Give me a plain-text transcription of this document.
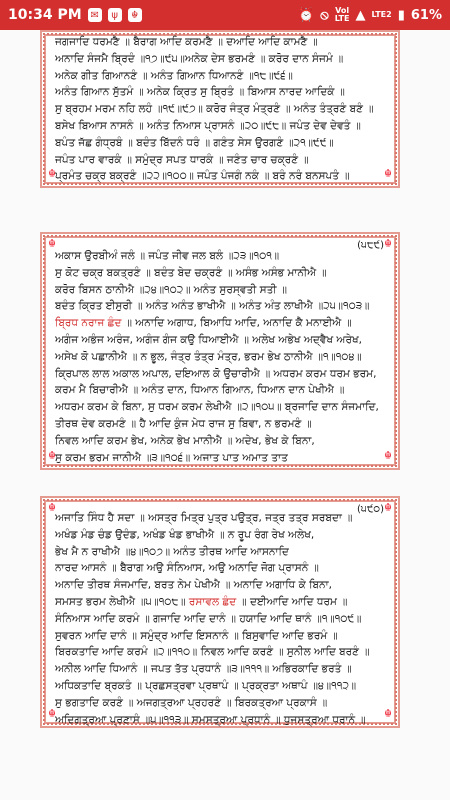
10:34 PM ✉	ψ	☬	⏰ ⦸ Vol
LTE ▲ LTE2 ▮ 61%
ਜਗਜਾਦਿ ਧਰਮਣੈ ॥ ਬੈਰਾਗ ਆਦਿ ਕਰਮਣੈ ॥ ਦਆਦਿ ਆਦਿ ਕਾਮਣੈ ॥
ਅਨਾਦਿ ਸੰਜਮੈ ਬ੍ਰਿਦੰ ॥੧੭॥੯੫॥ਅਨੇਕ ਦੇਸ ਭਰਮਣੰ ॥ ਕਰੋਰ ਦਾਨ ਸੰਜਮੰ ॥
ਅਨੇਕ ਗੀਤ ਗਿਆਨਣੰ ॥ ਅਨੰਤ ਗਿਆਨ ਧਿਆਨਣੰ ॥੧੮॥੯੬॥
ਅਨੰਤ ਗਿਆਨ ਸੁੱਤਮੰ ॥ ਅਨੇਕ ਕ੍ਰਿਤ ਸੁ ਬ੍ਰਿਤੰ ॥ ਬਿਆਸ ਨਾਰਦ ਆਦਿਕੰ ॥
ਸੁ ਬ੍ਰਹਮ ਮਰਮ ਨਹਿ ਲਹੰ ॥੧੯॥੯੭॥ ਕਰੋਰ ਜੰਤ੍ਰ ਮੰਤ੍ਰਣੰ ॥ ਅਨੰਤ ਤੰਤ੍ਰਣੰ ਬਣੰ ॥
ਬਸੇਖ ਬਿਆਸ ਨਾਸਨੰ ॥ ਅਨੰਤ ਨਿਆਸ ਪ੍ਰਾਸਨੰ ॥੨੦॥੯੮॥ ਜਪੰਤ ਦੇਵ ਦੇਵਤੰ ॥
ਬਪੰਤ ਜੱਛ ਗੰਧ੍ਰਬੰ ॥ ਬਦੰਤ ਬਿੱਦਨੰ ਧਰੰ ॥ ਗਣੰਤ ਸੇਸ ਉਰਗਣੰ ॥੨੧॥੯੯॥
ਜਪੰਤ ਪਾਰ ਵਾਰਕੰ ॥ ਸਮੁੰਦ੍ਰ ਸਪਤ ਧਾਰਕੰ ॥ ਜਣੰਤ ਚਾਰ ਚਕ੍ਰਣੰ ॥
ਪ੍ਰਮੰਤ ਚਕ੍ਰ ਬਕ੍ਰਣੰ ॥੨੨॥੧੦੦॥ ਜਪੰਤ ਪੰਜਗੰ ਨਕੰ ॥ ਬਰੰ ਨਰੰ ਬਨਸਪਤੰ ॥
☬	☬
☬	☬
(੫੮੯)
ਅਕਾਸ ਉਰਬੀਅੰ ਜਲੰ ॥ ਜਪੰਤ ਜੀਵ ਜਲ ਬਲੰ ॥੨੩॥੧੦੧॥
ਸੁ ਕੋਟ ਚਕ੍ਰ ਬਕਤ੍ਰਣੰ ॥ ਬਦੰਤ ਬੇਦ ਚਕ੍ਰਣੰ ॥ ਅਸੰਭ ਅਸੰਭ ਮਾਨੀਐ ॥
ਕਰੋਰ ਬਿਸਨ ਠਾਨੀਐ ॥੨੪॥੧੦੨॥ ਅਨੰਤ ਸੁਰਸ੍ਵਤੀ ਸਤੀ ॥
ਬਦੰਤ ਕ੍ਰਿਤ ਈਸੁਰੀ ॥ ਅਨੰਤ ਅਨੰਤ ਭਾਖੀਐ ॥ ਅਨੰਤ ਅੰਤ ਲਾਖੀਐ ॥੨੫॥੧੦੩॥
ਬ੍ਰਿਧ ਨਰਾਜ ਛੰਦ ॥ ਅਨਾਦਿ ਅਗਾਧ, ਬਿਆਧਿ ਆਦਿ, ਅਨਾਦਿ ਕੈ ਮਨਾਈਐ ॥
ਅਗੰਜ ਅਭੰਜ ਅਰੰਜ, ਅਗੰਜ ਗੰਜ ਕਉ ਧਿਆਈਐ ॥ ਅਲੇਖ ਅਭੇਖ ਅਦ੍ਵੈਖ ਅਰੇਖ,
ਅਸੇਖ ਕੋ ਪਛਾਨੀਐ ॥ ਨ ਭੂਲ, ਜੰਤ੍ਰ ਤੰਤ੍ਰ ਮੰਤ੍ਰ, ਭਰਮ ਭੇਖ ਠਾਨੀਐ ॥੧॥੧੦੪॥
ਕ੍ਰਿਪਾਲ ਲਾਲ ਅਕਾਲ ਅਪਾਲ, ਦਇਆਲ ਕੋ ਉਚਾਰੀਐ ॥ ਅਧਰਮ ਕਰਮ ਧਰਮ ਭਰਮ,
ਕਰਮ ਮੈ ਬਿਚਾਰੀਐ ॥ ਅਨੰਤ ਦਾਨ, ਧਿਆਨ ਗਿਆਨ, ਧਿਆਨ ਦਾਨ ਪੇਖੀਐ ॥
ਅਧਰਮ ਕਰਮ ਕੇ ਬਿਨਾ, ਸੁ ਧਰਮ ਕਰਮ ਲੇਖੀਐ ॥੨॥੧੦੫॥ ਬ੍ਰਜਾਦਿ ਦਾਨ ਸੰਜਮਾਦਿ,
ਤੀਰਥ ਦੇਵ ਕਰਮਣੰ ॥ ਹੈ ਆਦਿ ਕੁੰਜ ਮੇਧ ਰਾਜ ਸੁ ਬਿਵਾ, ਨ ਭਰਮਣੰ ॥
ਨਿਵਲ ਆਦਿ ਕਰਮ ਭੇਖ, ਅਨੇਕ ਭੇਖ ਮਾਨੀਐ ॥ ਅਦੇਖ, ਭੇਖ ਕੇ ਬਿਨਾ,
ਸੁ ਕਰਮ ਭਰਮ ਜਾਨੀਐ ॥੩॥੧੦੬॥ ਅਜਾਤ ਪਾਤ ਅਮਾਤ ਤਾਤ
☬	☬
☬	☬
(੫੯੦)
ਅਜਾਤਿ ਸਿੰਧ ਹੈ ਸਦਾ ॥ ਅਸਤ੍ਰ ਮਿਤ੍ਰ ਪੁਤ੍ਰ ਪਉਤ੍ਰ, ਜਤ੍ਰ ਤਤ੍ਰ ਸਰਬਦਾ ॥
ਅਖੰਡ ਮੰਡ ਚੰਡ ਉਦੰਡ, ਅਖੰਡ ਖੰਡ ਭਾਖੀਐ ॥ ਨ ਰੂਪ ਰੰਗ ਰੇਖ ਅਲੇਖ,
ਭੇਖ ਮੈ ਨ ਰਾਖੀਐ ॥੪॥੧੦੭॥ ਅਨੰਤ ਤੀਰਥ ਆਦਿ ਆਸਨਾਦਿ
ਨਾਰਦ ਆਸਨੰ ॥ ਬੈਰਾਗ ਅਉ ਸੰਨਿਆਸ, ਅਉ ਅਨਾਦਿ ਜੋਗ ਪ੍ਰਾਸਨੰ ॥
ਅਨਾਦਿ ਤੀਰਥ ਸੰਜਮਾਦਿ, ਬਰਤ ਨੇਮ ਪੇਖੀਐ ॥ ਅਨਾਦਿ ਅਗਾਧਿ ਕੇ ਬਿਨਾ,
ਸਮਸਤ ਭਰਮ ਲੇਖੀਐ ॥੫॥੧੦੮॥ ਰਸਾਵਲ ਛੰਦ ॥ ਦਈਆਦਿ ਆਦਿ ਧਰਮ ॥
ਸੰਨਿਆਸ ਆਦਿ ਕਰਮੰ ॥ ਗਜਾਦਿ ਆਦਿ ਦਾਨੰ ॥ ਹਯਾਦਿ ਆਦਿ ਥਾਨੰ ॥੧॥੧੦੯॥
ਸੁਵਰਨ ਆਦਿ ਦਾਨੰ ॥ ਸਮੁੰਦ੍ਰ ਆਦਿ ਇਸਨਾਨੰ ॥ ਬਿਸੁਵਾਦਿ ਆਦਿ ਭਰਮੰ ॥
ਬਿਰਕਤਾਦਿ ਆਦਿ ਕਰਮੰ ॥੨॥੧੧੦॥ ਨਿਵਲ ਆਦਿ ਕਰਣੰ ॥ ਸੁਨੀਲ ਆਦਿ ਬਰਣੰ ॥
ਅਨੀਲ ਆਦਿ ਧਿਆਨੰ ॥ ਜਪਤ ਤੱਤ ਪ੍ਰਧਾਨੰ ॥੩॥੧੧੧॥ ਅਭਿਰਕਾਦਿ ਭਰਤੰ ॥
ਅਧਿਕਤਾਦਿ ਬ੍ਰਕਤੰ ॥ ਪ੍ਰਛਸਤ੍ਰਵਾ ਪ੍ਰਥਾਪੰ ॥ ਪ੍ਰਕ੍ਰਤਾ ਅਥਾਪੰ ॥੪॥੧੧੨॥
ਸੁ ਭਗਤਾਦਿ ਕਰਣੰ ॥ ਅਜਗਤ੍ਰਆ ਪ੍ਰਹਰਣੰ ॥ ਬਿਰਕਤ੍ਰਆ ਪ੍ਰਕਾਸੰ ॥
ਅਦਿਗਤ੍ਰਆ ਪ੍ਰਣਾਸੰ ॥੫॥੧੧੩॥ ਸਮਸਤ੍ਰਆ ਪ੍ਰਧਾਨੰ ॥ ਧੁਜਸਤ੍ਰਆ ਧਰਾਨੰ ॥
☬	☬
